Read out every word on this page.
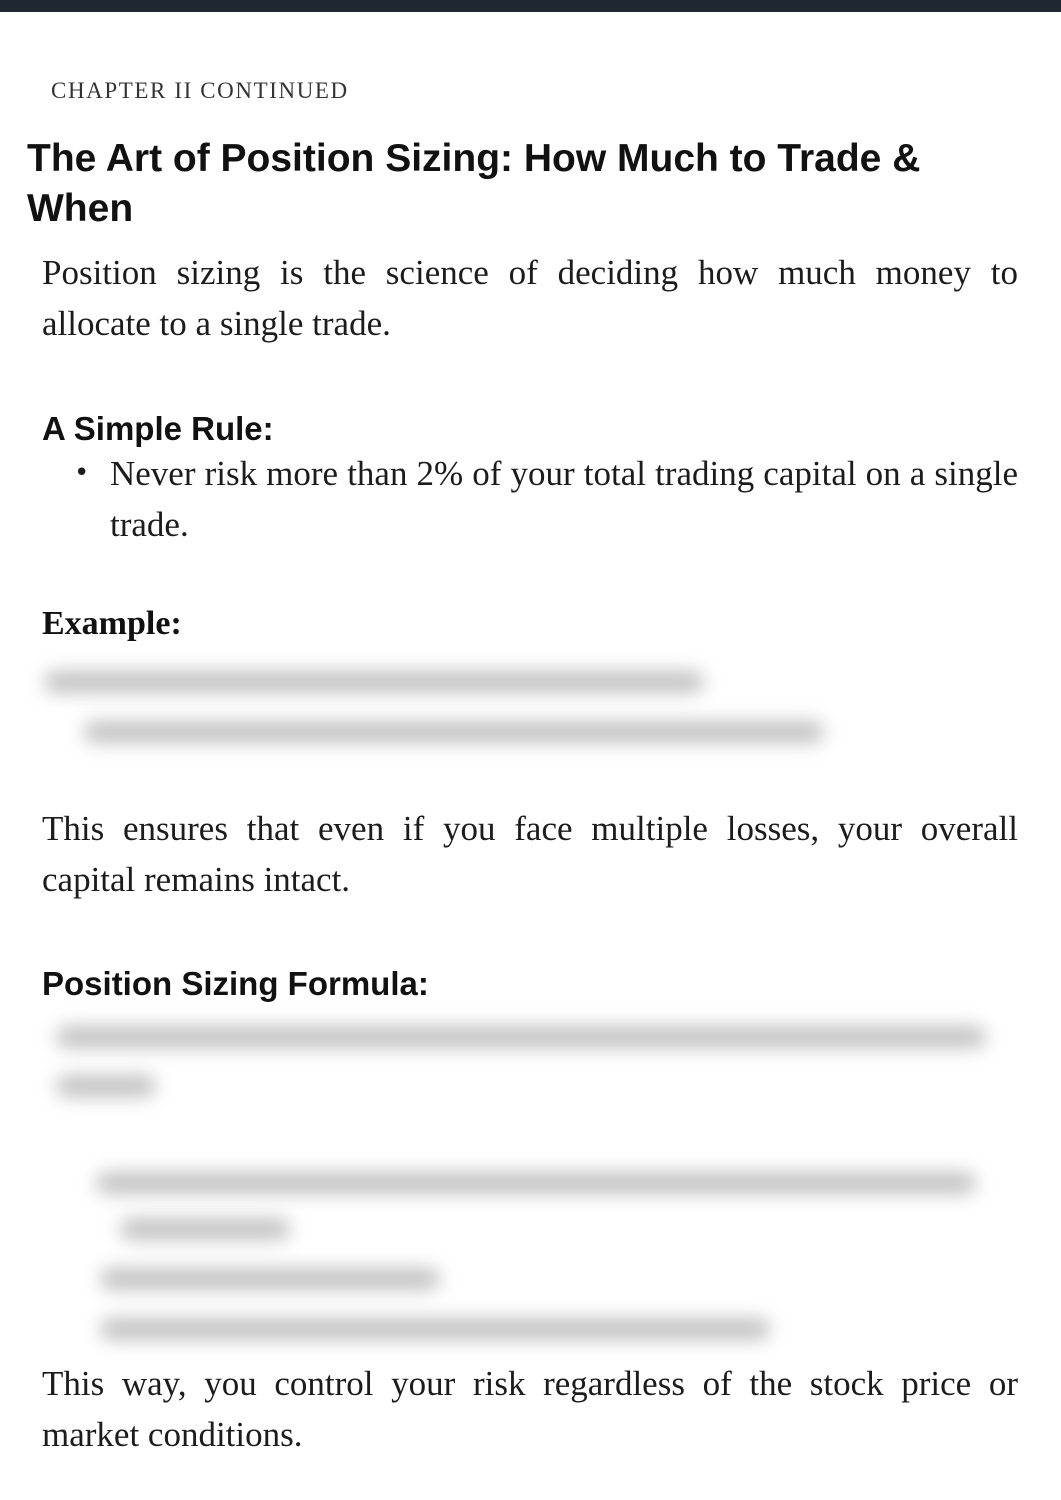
CHAPTER II CONTINUED
The Art of Position Sizing: How Much to Trade & When

Position sizing is the science of deciding how much money to allocate to a single trade.

A Simple Rule:
• Never risk more than 2% of your total trading capital on a single trade.
Example:

This ensures that even if you face multiple losses, your overall capital remains intact.

Position Sizing Formula:

This way, you control your risk regardless of the stock price or market conditions.
